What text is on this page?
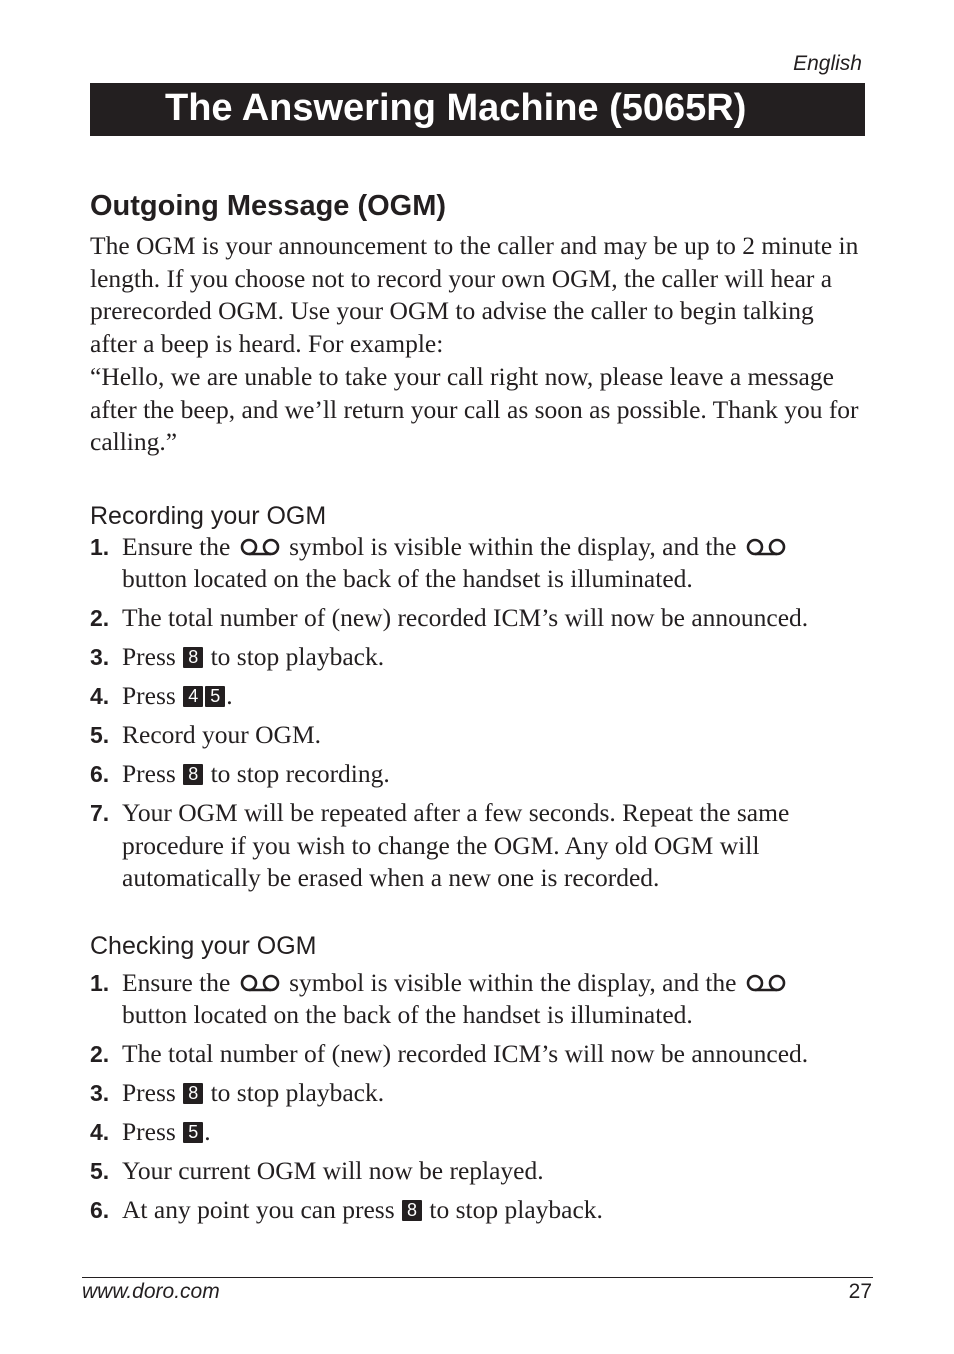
English
The Answering Machine (5065R)
Outgoing Message (OGM)

The OGM is your announcement to the caller and may be up to 2 minute in length. If you choose not to record your own OGM, the caller will hear a prerecorded OGM. Use your OGM to advise the caller to begin talking after a beep is heard. For example:

“Hello, we are unable to take your call right now, please leave a message after the beep, and we’ll return your call as soon as possible. Thank you for calling.”

Recording your OGM
1. Ensure the symbol is visible within the display, and the
button located on the back of the handset is illuminated.
2. The total number of (new) recorded ICM’s will now be announced.
3. Press 8 to stop playback.
4. Press 4 5 .
5. Record your OGM.
6. Press 8 to stop recording.
7. Your OGM will be repeated after a few seconds. Repeat the same procedure if you wish to change the OGM. Any old OGM will automatically be erased when a new one is recorded.
Checking your OGM
1. Ensure the symbol is visible within the display, and the
button located on the back of the handset is illuminated.
2. The total number of (new) recorded ICM’s will now be announced.
3. Press 8 to stop playback.
4. Press 5 .
5. Your current OGM will now be replayed.
6. At any point you can press 8 to stop playback.
www.doro.com	27
